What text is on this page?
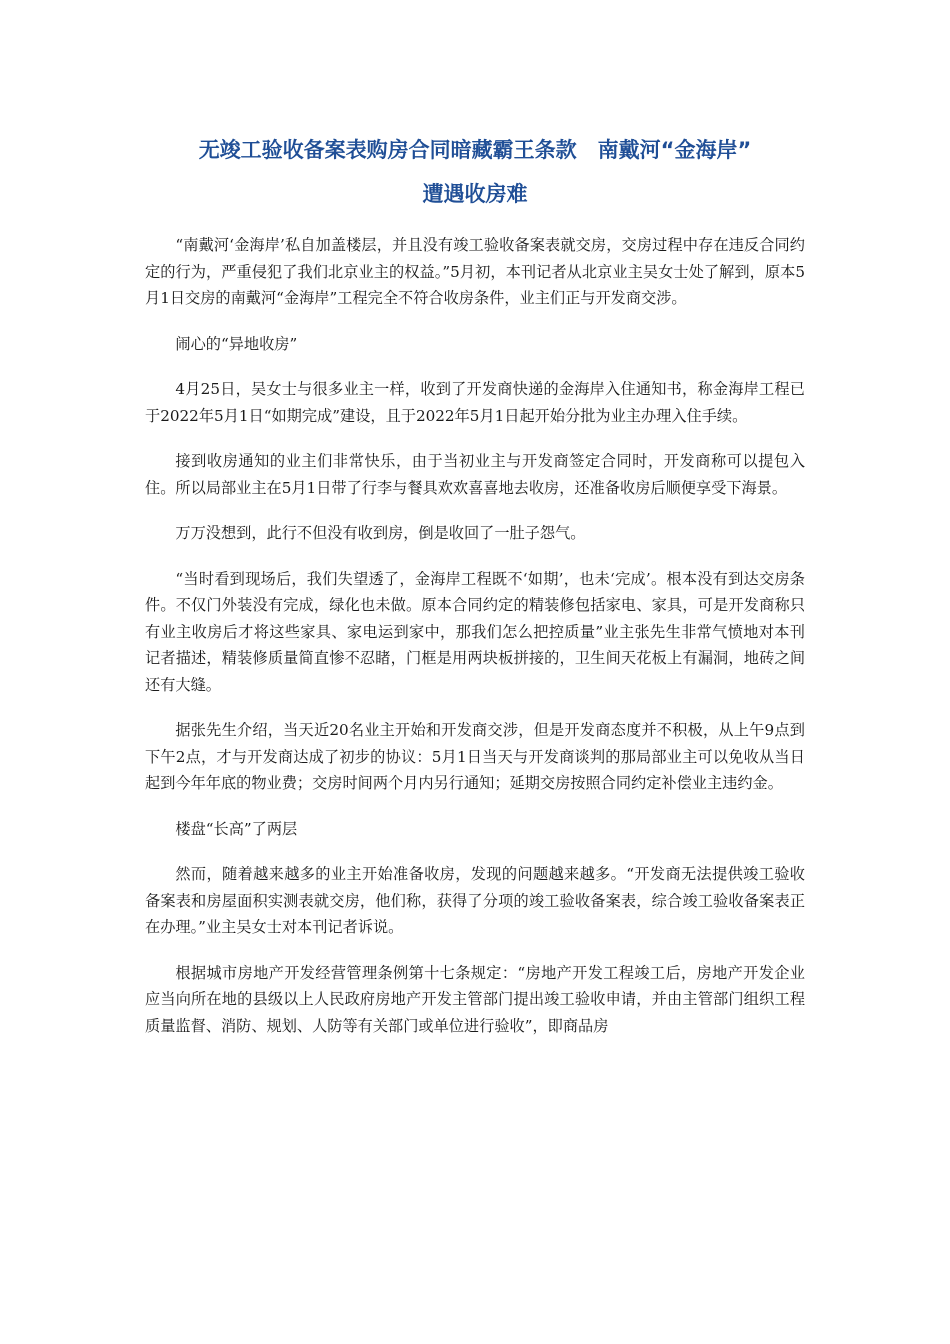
无竣工验收备案表购房合同暗藏霸王条款　南戴河“金海岸”
遭遇收房难

“南戴河‘金海岸’私自加盖楼层，并且没有竣工验收备案表就交房，交房过程中存在违反合同约定的行为，严重侵犯了我们北京业主的权益。”5月初，本刊记者从北京业主吴女士处了解到，原本5月1日交房的南戴河“金海岸”工程完全不符合收房条件，业主们正与开发商交涉。

闹心的“异地收房”

4月25日，吴女士与很多业主一样，收到了开发商快递的金海岸入住通知书，称金海岸工程已于2022年5月1日“如期完成”建设，且于2022年5月1日起开始分批为业主办理入住手续。

接到收房通知的业主们非常快乐，由于当初业主与开发商签定合同时，开发商称可以提包入住。所以局部业主在5月1日带了行李与餐具欢欢喜喜地去收房，还准备收房后顺便享受下海景。

万万没想到，此行不但没有收到房，倒是收回了一肚子怨气。

“当时看到现场后，我们失望透了，金海岸工程既不‘如期’，也未‘完成’。根本没有到达交房条件。不仅门外装没有完成，绿化也未做。原本合同约定的精装修包括家电、家具，可是开发商称只有业主收房后才将这些家具、家电运到家中，那我们怎么把控质量”业主张先生非常气愤地对本刊记者描述，精装修质量简直惨不忍睹，门框是用两块板拼接的，卫生间天花板上有漏洞，地砖之间还有大缝。

据张先生介绍，当天近20名业主开始和开发商交涉，但是开发商态度并不积极，从上午9点到下午2点，才与开发商达成了初步的协议：5月1日当天与开发商谈判的那局部业主可以免收从当日起到今年年底的物业费；交房时间两个月内另行通知；延期交房按照合同约定补偿业主违约金。

楼盘“长高”了两层

然而，随着越来越多的业主开始准备收房，发现的问题越来越多。“开发商无法提供竣工验收备案表和房屋面积实测表就交房，他们称，获得了分项的竣工验收备案表，综合竣工验收备案表正在办理。”业主吴女士对本刊记者诉说。

根据城市房地产开发经营管理条例第十七条规定：“房地产开发工程竣工后，房地产开发企业应当向所在地的县级以上人民政府房地产开发主管部门提出竣工验收申请，并由主管部门组织工程质量监督、消防、规划、人防等有关部门或单位进行验收”，即商品房
